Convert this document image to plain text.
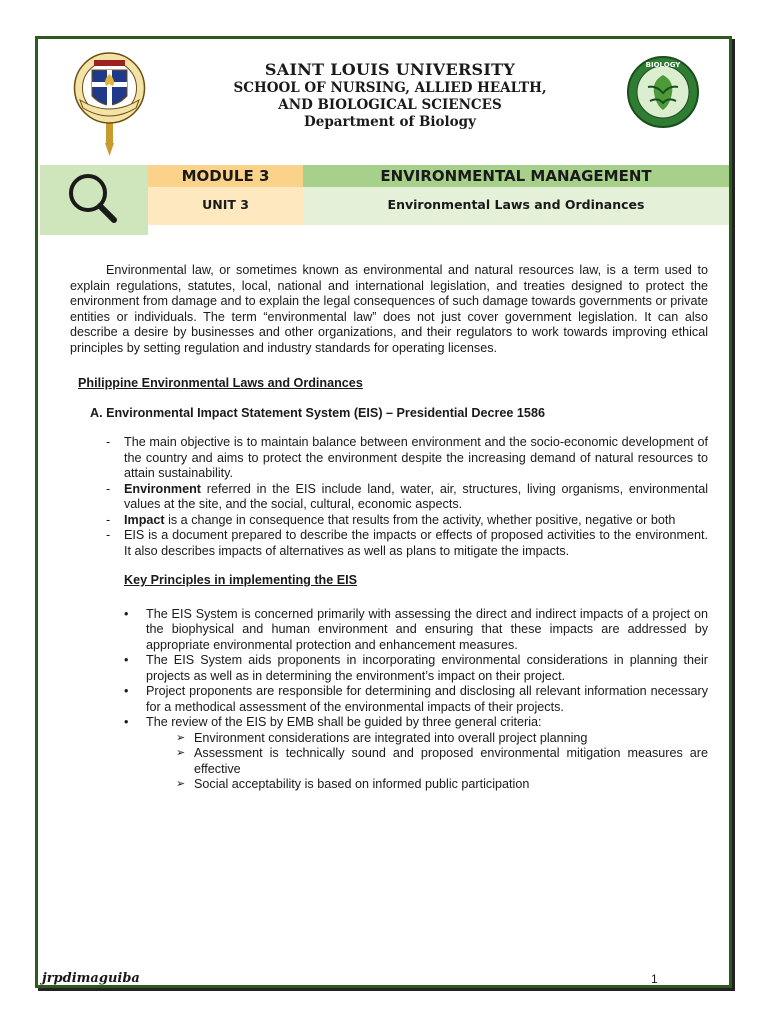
SAINT LOUIS UNIVERSITY
SCHOOL OF NURSING, ALLIED HEALTH,
AND BIOLOGICAL SCIENCES
Department of Biology
BIOLOGY
MODULE 3	ENVIRONMENTAL MANAGEMENT
UNIT 3	Environmental Laws and Ordinances

Environmental law, or sometimes known as environmental and natural resources law, is a term used to explain regulations, statutes, local, national and international legislation, and treaties designed to protect the environment from damage and to explain the legal consequences of such damage towards governments or private entities or individuals. The term “environmental law” does not just cover government legislation. It can also describe a desire by businesses and other organizations, and their regulators to work towards improving ethical principles by setting regulation and industry standards for operating licenses.

Philippine Environmental Laws and Ordinances
A. Environmental Impact Statement System (EIS) – Presidential Decree 1586
- The main objective is to maintain balance between environment and the socio-economic development of the country and aims to protect the environment despite the increasing demand of natural resources to attain sustainability.
- Environment referred in the EIS include land, water, air, structures, living organisms, environmental values at the site, and the social, cultural, economic aspects.
- Impact is a change in consequence that results from the activity, whether positive, negative or both
- EIS is a document prepared to describe the impacts or effects of proposed activities to the environment. It also describes impacts of alternatives as well as plans to mitigate the impacts.
Key Principles in implementing the EIS
• The EIS System is concerned primarily with assessing the direct and indirect impacts of a project on the biophysical and human environment and ensuring that these impacts are addressed by appropriate environmental protection and enhancement measures.
• The EIS System aids proponents in incorporating environmental considerations in planning their projects as well as in determining the environment’s impact on their project.
• Project proponents are responsible for determining and disclosing all relevant information necessary for a methodical assessment of the environmental impacts of their projects.
• The review of the EIS by EMB shall be guided by three general criteria:
➢ Environment considerations are integrated into overall project planning
➢ Assessment is technically sound and proposed environmental mitigation measures are effective
➢ Social acceptability is based on informed public participation
jrpdimaguiba	1
